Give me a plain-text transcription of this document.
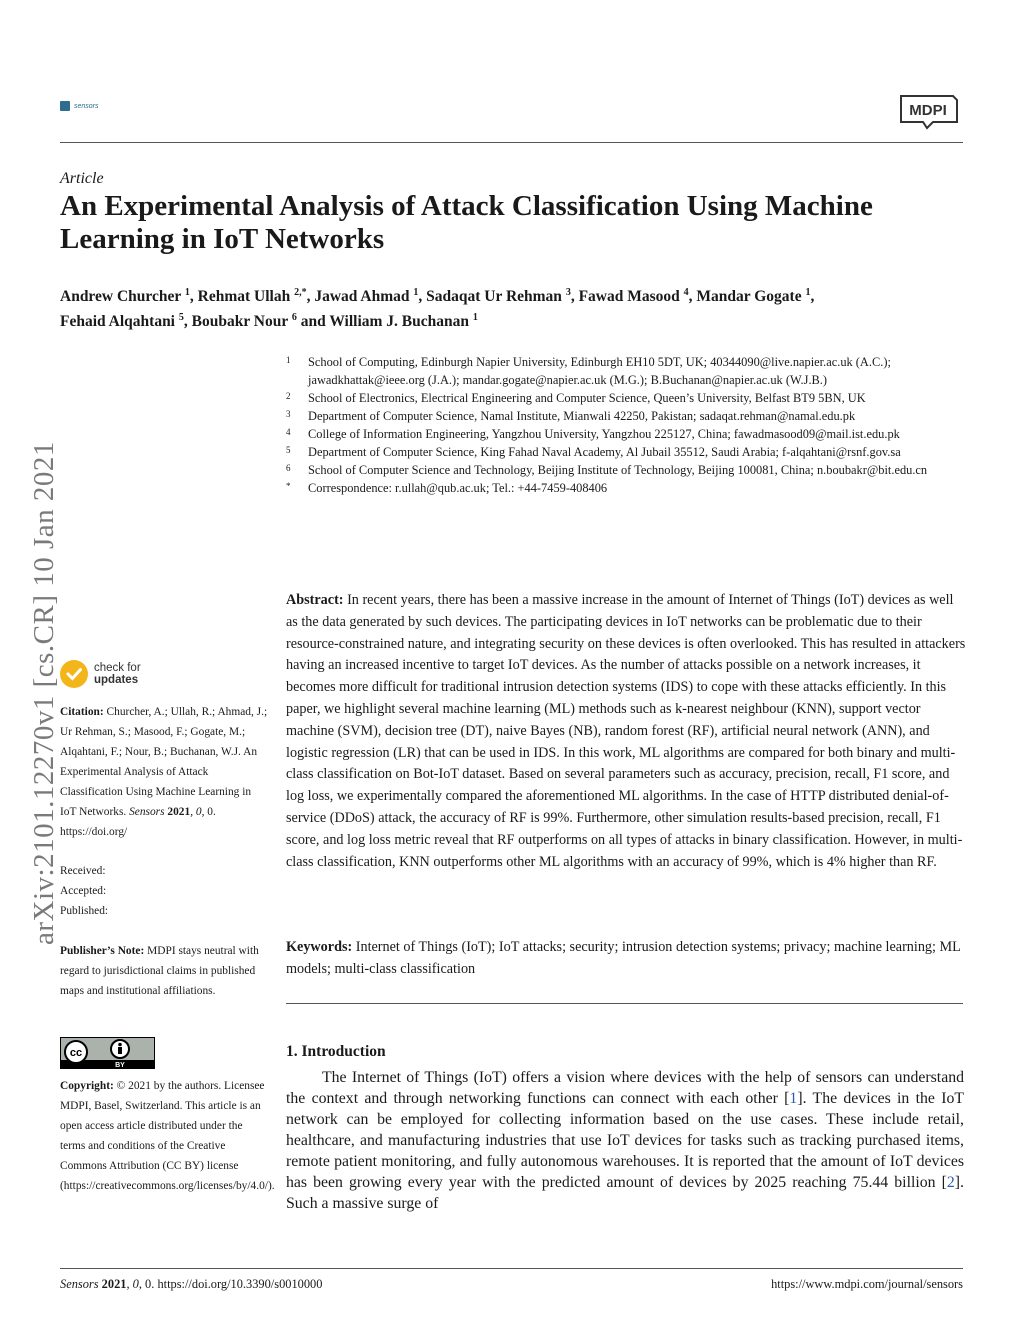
sensors	MDPI
Article
An Experimental Analysis of Attack Classification Using Machine Learning in IoT Networks
Andrew Churcher $^1$, Rehmat Ullah $^{2,*}$, Jawad Ahmad $^1$, Sadaqat Ur Rehman $^3$, Fawad Masood $^4$, Mandar Gogate $^1$,
Fehaid Alqahtani $^5$, Boubakr Nour $^6$ and William J. Buchanan $^1$
arXiv:2101.12270v1 [cs.CR] 10 Jan 2021
1	School of Computing, Edinburgh Napier University, Edinburgh EH10 5DT, UK; 40344090@live.napier.ac.uk (A.C.); jawadkhattak@ieee.org (J.A.); mandar.gogate@napier.ac.uk (M.G.); B.Buchanan@napier.ac.uk (W.J.B.)
2	School of Electronics, Electrical Engineering and Computer Science, Queen’s University, Belfast BT9 5BN, UK
3	Department of Computer Science, Namal Institute, Mianwali 42250, Pakistan; sadaqat.rehman@namal.edu.pk
4	College of Information Engineering, Yangzhou University, Yangzhou 225127, China; fawadmasood09@mail.ist.edu.pk
5	Department of Computer Science, King Fahad Naval Academy, Al Jubail 35512, Saudi Arabia; f-alqahtani@rsnf.gov.sa
6	School of Computer Science and Technology, Beijing Institute of Technology, Beijing 100081, China; n.boubakr@bit.edu.cn
*	Correspondence: r.ullah@qub.ac.uk; Tel.: +44-7459-408406
Abstract: In recent years, there has been a massive increase in the amount of Internet of Things (IoT) devices as well as the data generated by such devices. The participating devices in IoT networks can be problematic due to their resource-constrained nature, and integrating security on these devices is often overlooked. This has resulted in attackers having an increased incentive to target IoT devices. As the number of attacks possible on a network increases, it becomes more difficult for traditional intrusion detection systems (IDS) to cope with these attacks efficiently. In this paper, we highlight several machine learning (ML) methods such as k-nearest neighbour (KNN), support vector machine (SVM), decision tree (DT), naive Bayes (NB), random forest (RF), artificial neural network (ANN), and logistic regression (LR) that can be used in IDS. In this work, ML algorithms are compared for both binary and multi-class classification on Bot-IoT dataset. Based on several parameters such as accuracy, precision, recall, F1 score, and log loss, we experimentally compared the aforementioned ML algorithms. In the case of HTTP distributed denial-of-service (DDoS) attack, the accuracy of RF is 99%. Furthermore, other simulation results-based precision, recall, F1 score, and log loss metric reveal that RF outperforms on all types of attacks in binary classification. However, in multi-class classification, KNN outperforms other ML algorithms with an accuracy of 99%, which is 4% higher than RF.
Keywords: Internet of Things (IoT); IoT attacks; security; intrusion detection systems; privacy; machine learning; ML models; multi-class classification
1. Introduction
The Internet of Things (IoT) offers a vision where devices with the help of sensors can understand the context and through networking functions can connect with each other [1]. The devices in the IoT network can be employed for collecting information based on the use cases. These include retail, healthcare, and manufacturing industries that use IoT devices for tasks such as tracking purchased items, remote patient monitoring, and fully autonomous warehouses. It is reported that the amount of IoT devices has been growing every year with the predicted amount of devices by 2025 reaching 75.44 billion [2]. Such a massive surge of
check for
updates
Citation: Churcher, A.; Ullah, R.; Ahmad, J.; Ur Rehman, S.; Masood, F.; Gogate, M.; Alqahtani, F.; Nour, B.; Buchanan, W.J. An Experimental Analysis of Attack Classification Using Machine Learning in IoT Networks. Sensors 2021, 0, 0. https://doi.org/
Received:
Accepted:
Published:
Publisher’s Note: MDPI stays neutral with regard to jurisdictional claims in published maps and institutional affiliations.
cc
BY
Copyright: © 2021 by the authors. Licensee MDPI, Basel, Switzerland. This article is an open access article distributed under the terms and conditions of the Creative Commons Attribution (CC BY) license (https://creativecommons.org/licenses/by/4.0/).
Sensors 2021, 0, 0. https://doi.org/10.3390/s0010000	https://www.mdpi.com/journal/sensors
